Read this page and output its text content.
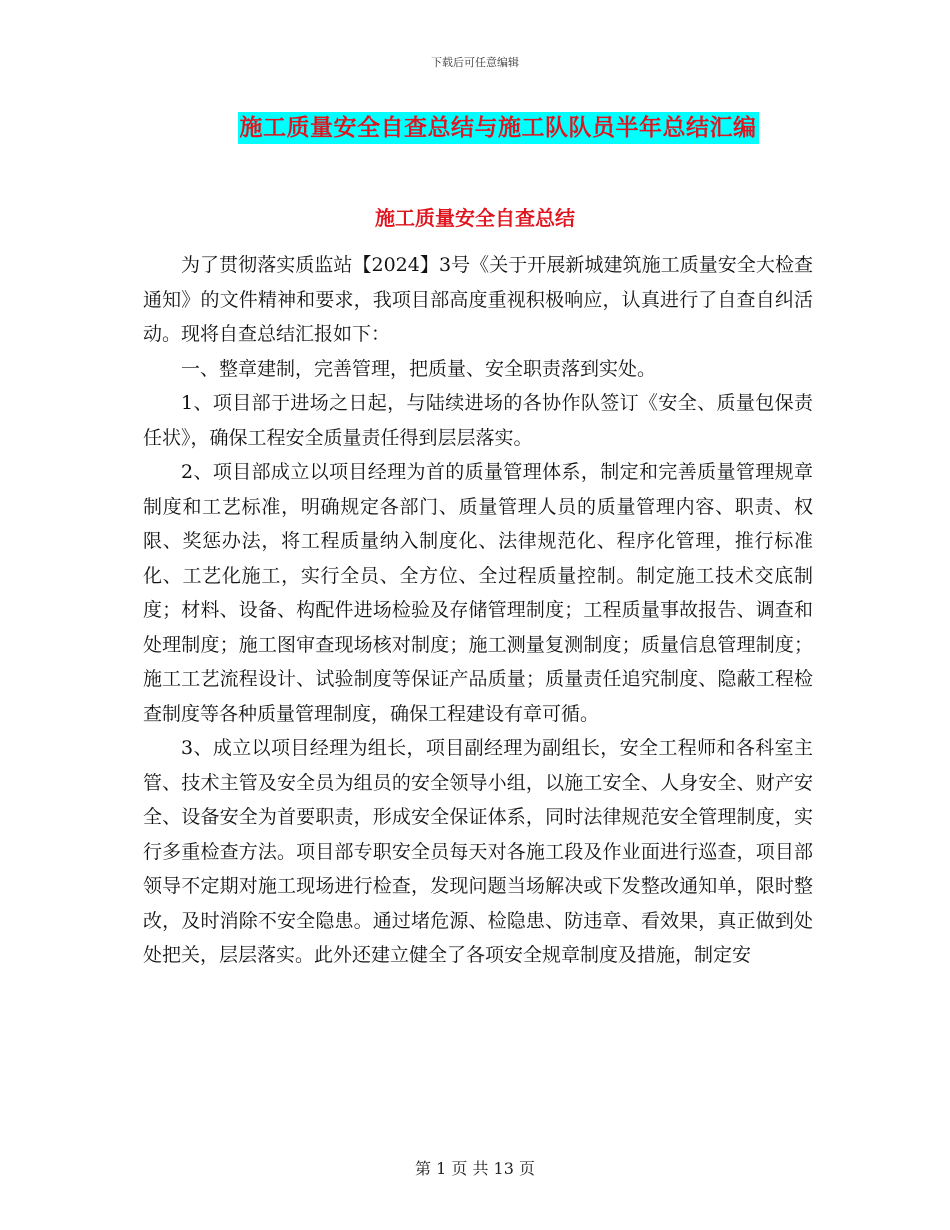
下载后可任意编辑
施工质量安全自查总结与施工队队员半年总结汇编
施工质量安全自查总结

为了贯彻落实质监站【2024】3号《关于开展新城建筑施工质量安全大检查通知》的文件精神和要求，我项目部高度重视积极响应，认真进行了自查自纠活动。现将自查总结汇报如下：

一、整章建制，完善管理，把质量、安全职责落到实处。

1、项目部于进场之日起，与陆续进场的各协作队签订《安全、质量包保责任状》，确保工程安全质量责任得到层层落实。

2、项目部成立以项目经理为首的质量管理体系，制定和完善质量管理规章制度和工艺标准，明确规定各部门、质量管理人员的质量管理内容、职责、权限、奖惩办法，将工程质量纳入制度化、法律规范化、程序化管理，推行标准化、工艺化施工，实行全员、全方位、全过程质量控制。制定施工技术交底制度；材料、设备、构配件进场检验及存储管理制度；工程质量事故报告、调查和处理制度；施工图审查现场核对制度；施工测量复测制度；质量信息管理制度；施工工艺流程设计、试验制度等保证产品质量；质量责任追究制度、隐蔽工程检查制度等各种质量管理制度，确保工程建设有章可循。

3、成立以项目经理为组长，项目副经理为副组长，安全工程师和各科室主管、技术主管及安全员为组员的安全领导小组，以施工安全、人身安全、财产安全、设备安全为首要职责，形成安全保证体系，同时法律规范安全管理制度，实行多重检查方法。项目部专职安全员每天对各施工段及作业面进行巡查，项目部领导不定期对施工现场进行检查，发现问题当场解决或下发整改通知单，限时整改，及时消除不安全隐患。通过堵危源、检隐患、防违章、看效果，真正做到处处把关，层层落实。此外还建立健全了各项安全规章制度及措施，制定安

第 1 页 共 13 页
